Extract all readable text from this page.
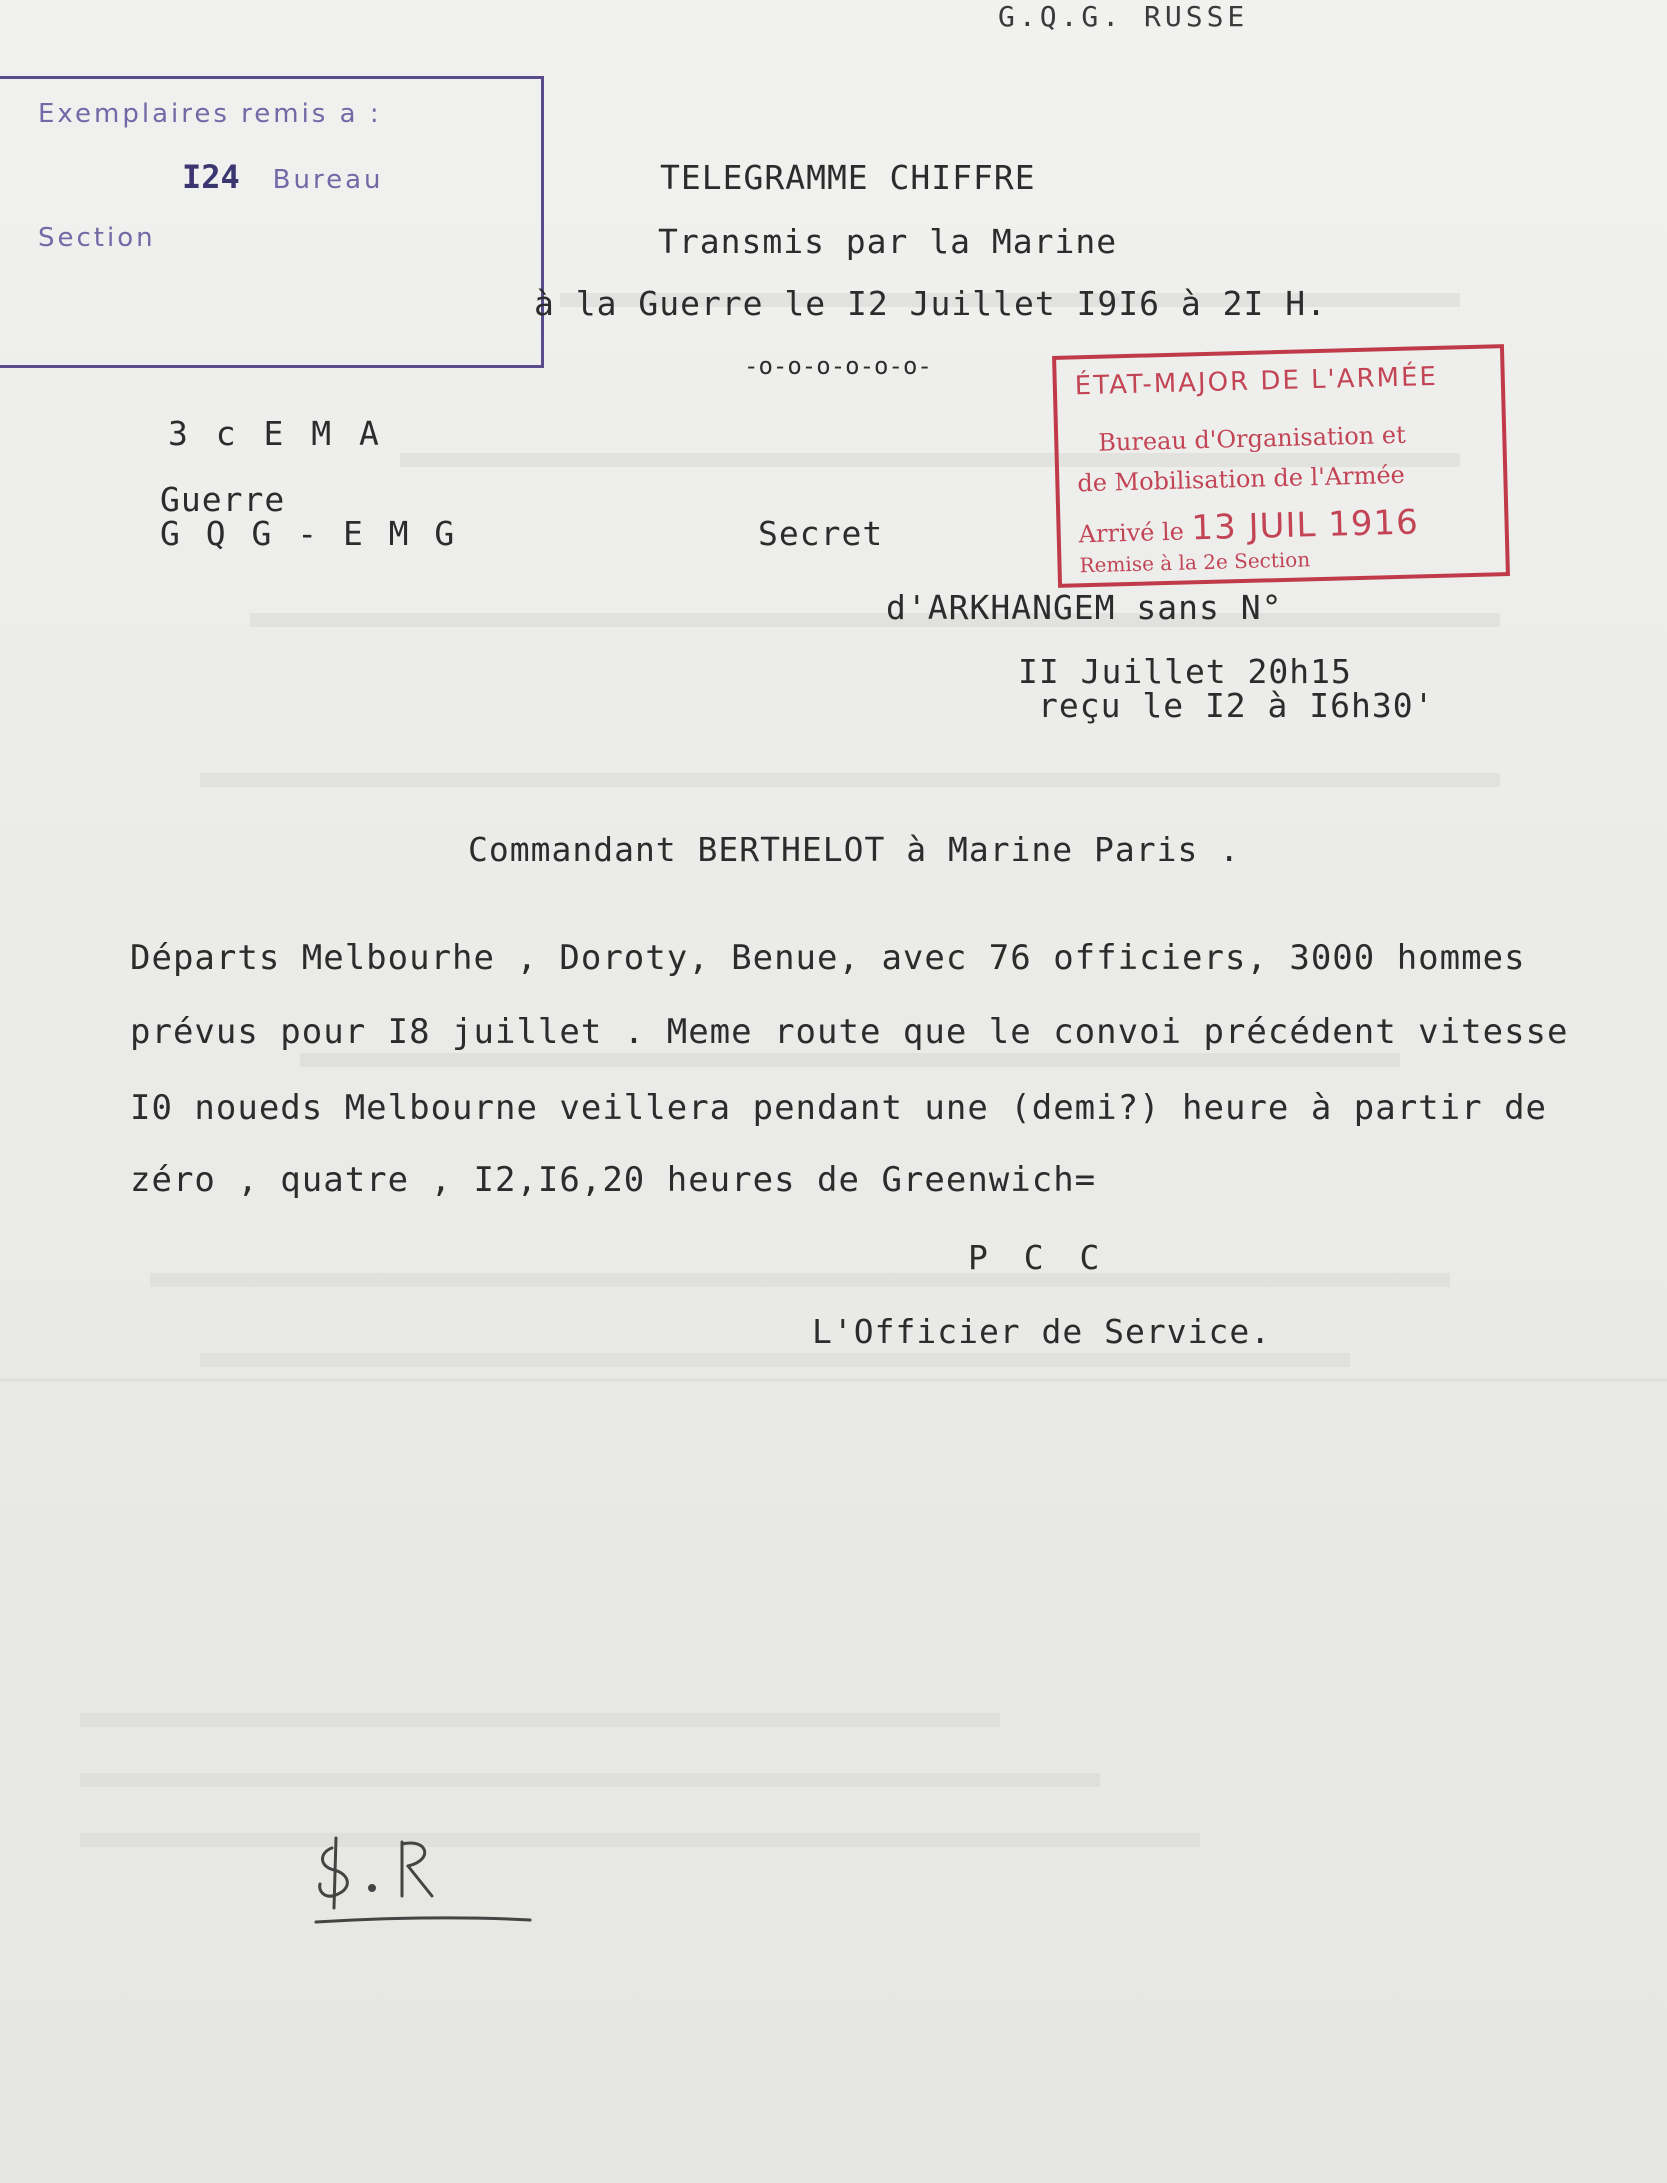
G.Q.G. RUSSE
Exemplaires remis a :
I24 Bureau
Section
TELEGRAMME CHIFFRE
Transmis par la Marine
à la Guerre le I2 Juillet I9I6 à 2I H.
-o-o-o-o-o-o-
3 c E M A
Guerre
G Q G - E M G	Secret
ÉTAT-MAJOR DE L'ARMÉE
Bureau d'Organisation et
de Mobilisation de l'Armée
Arrivé le 13 JUIL 1916
Remise à la 2e Section
d'ARKHANGEM sans N°
II Juillet 20h15
reçu le I2 à I6h30'
Commandant BERTHELOT à Marine Paris .
Départs Melbourhe , Doroty, Benue, avec 76 officiers, 3000 hommes
prévus pour I8 juillet . Meme route que le convoi précédent vitesse
I0 noueds Melbourne veillera pendant une (demi?) heure à partir de
zéro , quatre , I2,I6,20 heures de Greenwich=
P C C
L'Officier de Service.
